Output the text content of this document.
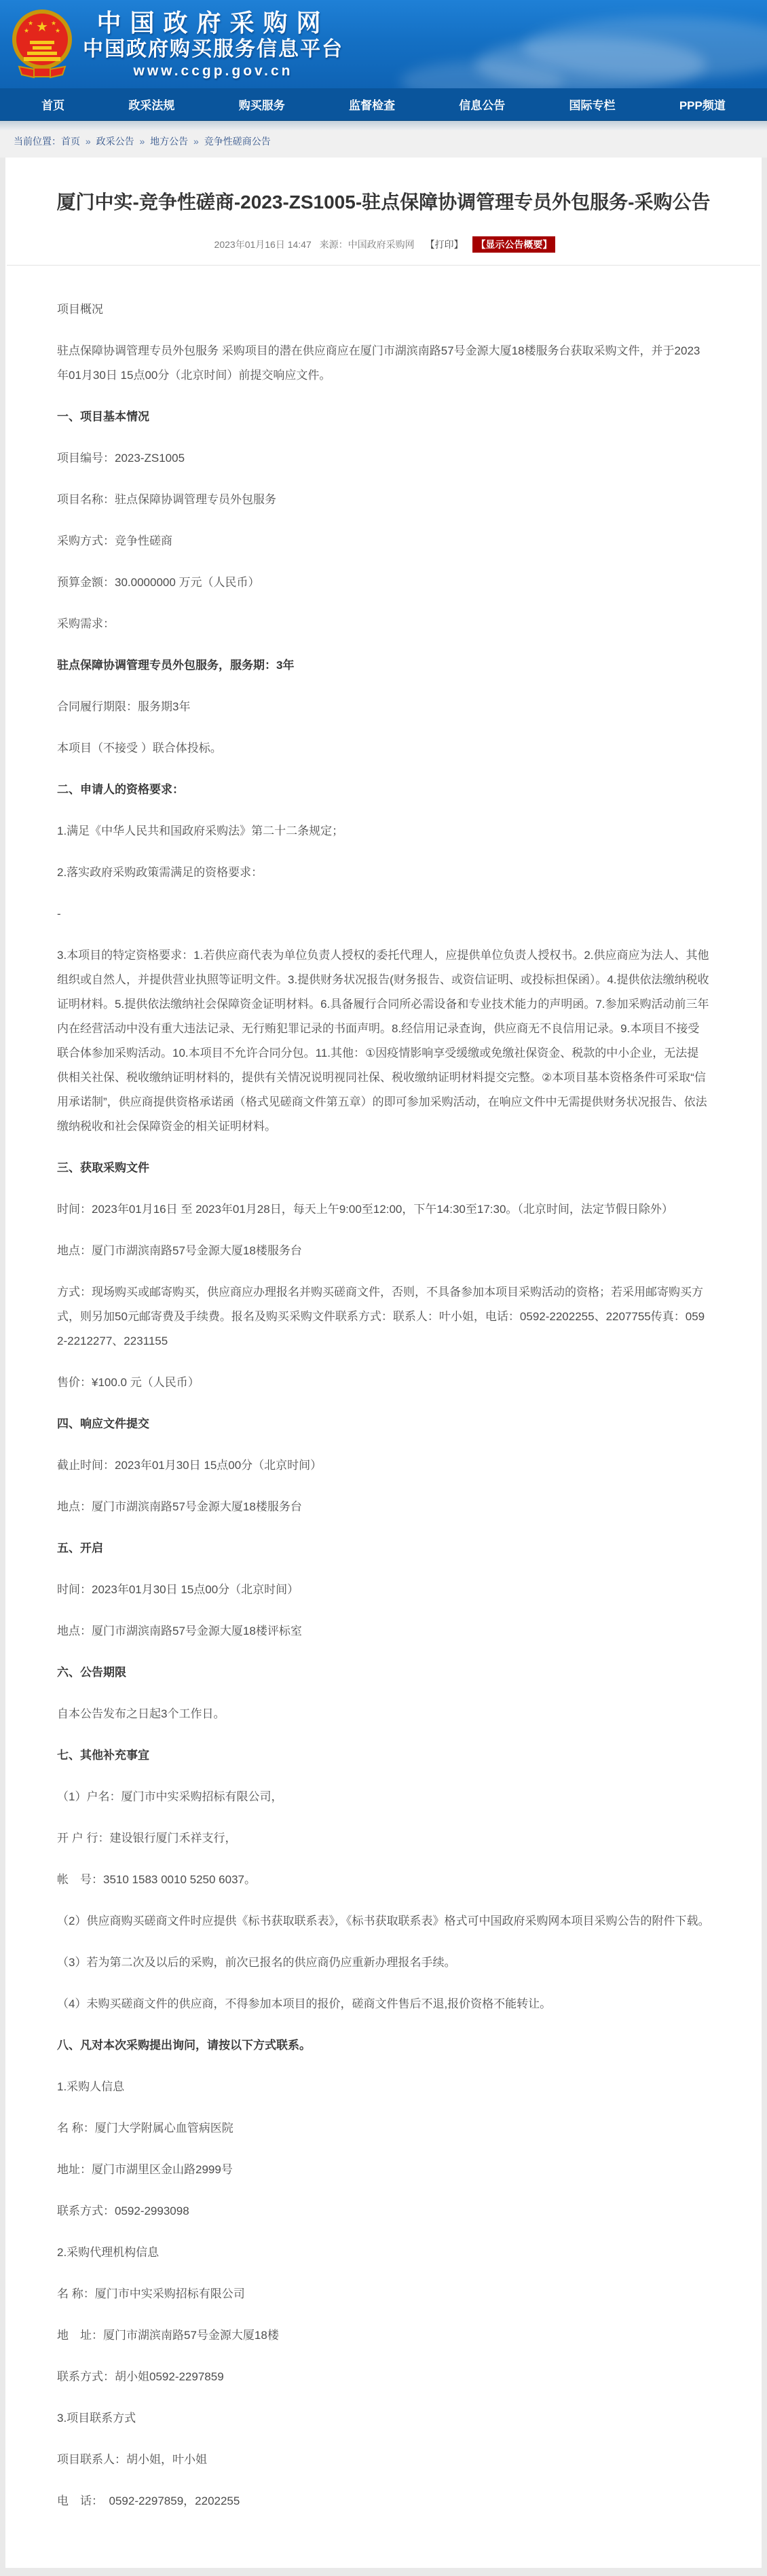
★
★	★
★	★	中国政府采购网
中国政府购买服务信息平台
www.ccgp.gov.cn
首页	政采法规	购买服务	监督检查	信息公告	国际专栏	PPP频道
当前位置：首页 » 政采公告 » 地方公告 » 竞争性磋商公告
厦门中实-竞争性磋商-2023-ZS1005-驻点保障协调管理专员外包服务-采购公告
2023年01月16日 14:47 来源：中国政府采购网 【打印】 【显示公告概要】

项目概况

驻点保障协调管理专员外包服务 采购项目的潜在供应商应在厦门市湖滨南路57号金源大厦18楼服务台获取采购文件，并于2023年01月30日 15点00分（北京时间）前提交响应文件。

一、项目基本情况

项目编号：2023-ZS1005

项目名称：驻点保障协调管理专员外包服务

采购方式：竞争性磋商

预算金额：30.0000000 万元（人民币）

采购需求：

驻点保障协调管理专员外包服务，服务期：3年

合同履行期限：服务期3年

本项目（不接受 ）联合体投标。

二、申请人的资格要求：

1.满足《中华人民共和国政府采购法》第二十二条规定；

2.落实政府采购政策需满足的资格要求：

-

3.本项目的特定资格要求：1.若供应商代表为单位负责人授权的委托代理人，应提供单位负责人授权书。2.供应商应为法人、其他组织或自然人，并提供营业执照等证明文件。3.提供财务状况报告(财务报告、或资信证明、或投标担保函）。4.提供依法缴纳税收证明材料。5.提供依法缴纳社会保障资金证明材料。6.具备履行合同所必需设备和专业技术能力的声明函。7.参加采购活动前三年内在经营活动中没有重大违法记录、无行贿犯罪记录的书面声明。8.经信用记录查询，供应商无不良信用记录。9.本项目不接受联合体参加采购活动。10.本项目不允许合同分包。11.其他：①因疫情影响享受缓缴或免缴社保资金、税款的中小企业，无法提供相关社保、税收缴纳证明材料的，提供有关情况说明视同社保、税收缴纳证明材料提交完整。②本项目基本资格条件可采取“信用承诺制”，供应商提供资格承诺函（格式见磋商文件第五章）的即可参加采购活动，在响应文件中无需提供财务状况报告、依法缴纳税收和社会保障资金的相关证明材料。

三、获取采购文件

时间：2023年01月16日 至 2023年01月28日，每天上午9:00至12:00，下午14:30至17:30。（北京时间，法定节假日除外）

地点：厦门市湖滨南路57号金源大厦18楼服务台

方式：现场购买或邮寄购买，供应商应办理报名并购买磋商文件，否则，不具备参加本项目采购活动的资格；若采用邮寄购买方式，则另加50元邮寄费及手续费。报名及购买采购文件联系方式：联系人：叶小姐，电话：0592-2202255、2207755传真：0592-2212277、2231155

售价：¥100.0 元（人民币）

四、响应文件提交

截止时间：2023年01月30日 15点00分（北京时间）

地点：厦门市湖滨南路57号金源大厦18楼服务台

五、开启

时间：2023年01月30日 15点00分（北京时间）

地点：厦门市湖滨南路57号金源大厦18楼评标室

六、公告期限

自本公告发布之日起3个工作日。

七、其他补充事宜

（1）户名：厦门市中实采购招标有限公司，

开 户 行：建设银行厦门禾祥支行，

帐　号：3510 1583 0010 5250 6037。

（2）供应商购买磋商文件时应提供《标书获取联系表》，《标书获取联系表》格式可中国政府采购网本项目采购公告的附件下载。

（3）若为第二次及以后的采购，前次已报名的供应商仍应重新办理报名手续。

（4）未购买磋商文件的供应商，不得参加本项目的报价，磋商文件售后不退,报价资格不能转让。

八、凡对本次采购提出询问，请按以下方式联系。

1.采购人信息

名 称：厦门大学附属心血管病医院

地址：厦门市湖里区金山路2999号

联系方式：0592-2993098

2.采购代理机构信息

名 称：厦门市中实采购招标有限公司

地　址：厦门市湖滨南路57号金源大厦18楼

联系方式：胡小姐0592-2297859

3.项目联系方式

项目联系人：胡小姐，叶小姐

电　话：　0592-2297859，2202255
